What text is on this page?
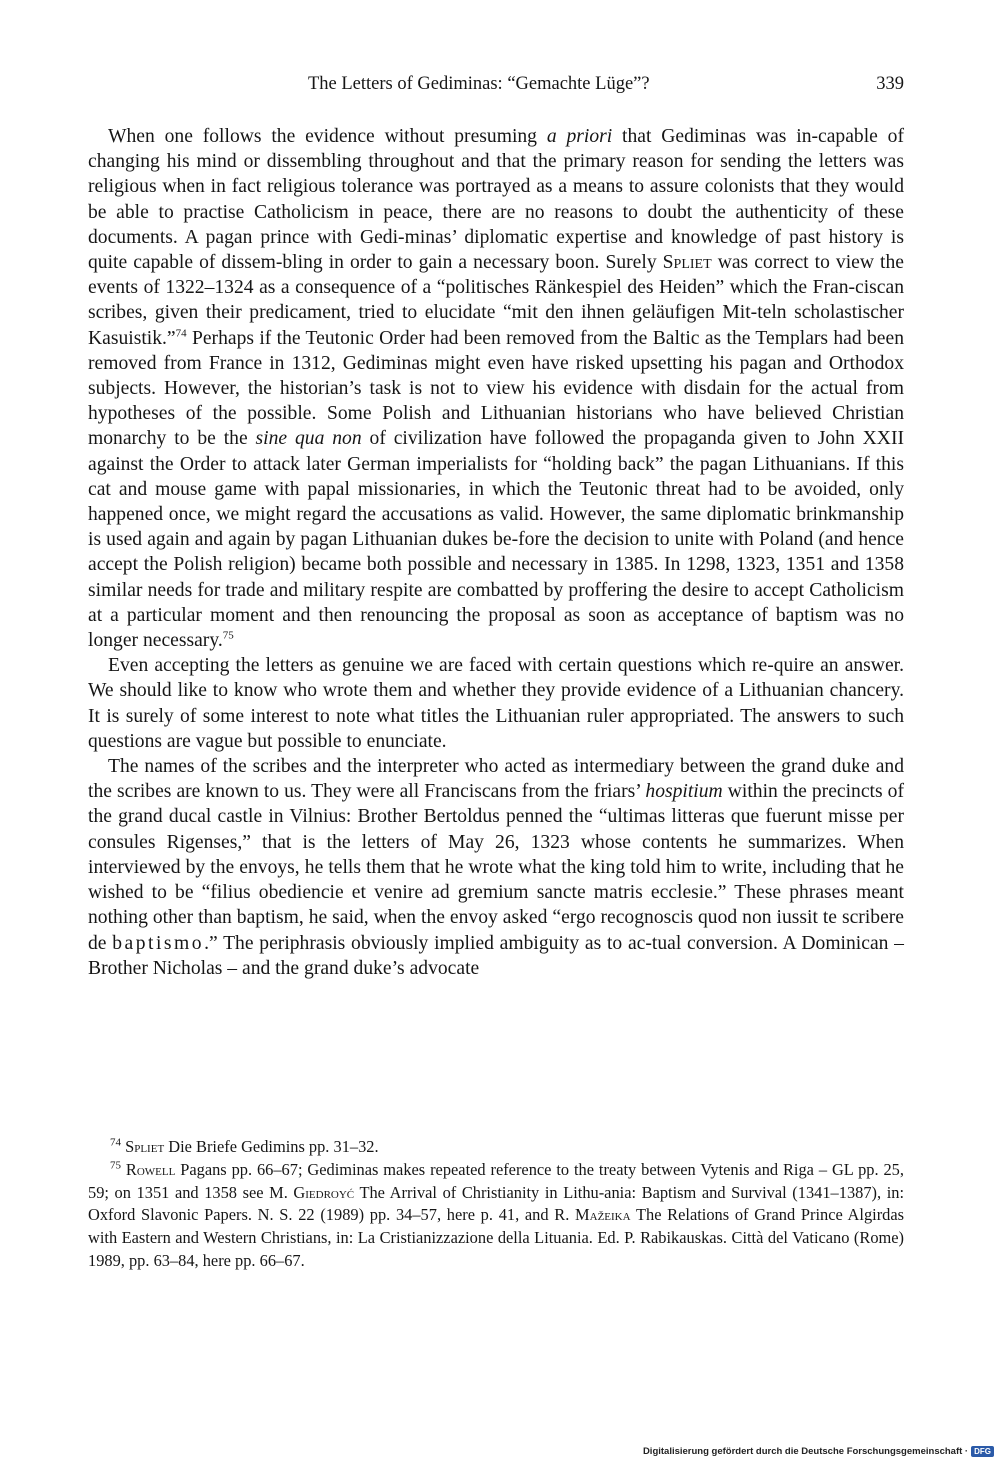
The Letters of Gediminas: “Gemachte Lüge”?	339

When one follows the evidence without presuming a priori that Gediminas was in-capable of changing his mind or dissembling throughout and that the primary reason for sending the letters was religious when in fact religious tolerance was portrayed as a means to assure colonists that they would be able to practise Catholicism in peace, there are no reasons to doubt the authenticity of these documents. A pagan prince with Gedi-minas’ diplomatic expertise and knowledge of past history is quite capable of dissem-bling in order to gain a necessary boon. Surely Spliet was correct to view the events of 1322–1324 as a consequence of a “politisches Ränkespiel des Heiden” which the Fran-ciscan scribes, given their predicament, tried to elucidate “mit den ihnen geläufigen Mit-teln scholastischer Kasuistik.”$^{74}$ Perhaps if the Teutonic Order had been removed from the Baltic as the Templars had been removed from France in 1312, Gediminas might even have risked upsetting his pagan and Orthodox subjects. However, the historian’s task is not to view his evidence with disdain for the actual from hypotheses of the possible. Some Polish and Lithuanian historians who have believed Christian monarchy to be the sine qua non of civilization have followed the propaganda given to John XXII against the Order to attack later German imperialists for “holding back” the pagan Lithuanians. If this cat and mouse game with papal missionaries, in which the Teutonic threat had to be avoided, only happened once, we might regard the accusations as valid. However, the same diplomatic brinkmanship is used again and again by pagan Lithuanian dukes be-fore the decision to unite with Poland (and hence accept the Polish religion) became both possible and necessary in 1385. In 1298, 1323, 1351 and 1358 similar needs for trade and military respite are combatted by proffering the desire to accept Catholicism at a particular moment and then renouncing the proposal as soon as acceptance of baptism was no longer necessary.$^{75}$

Even accepting the letters as genuine we are faced with certain questions which re-quire an answer. We should like to know who wrote them and whether they provide evidence of a Lithuanian chancery. It is surely of some interest to note what titles the Lithuanian ruler appropriated. The answers to such questions are vague but possible to enunciate.

The names of the scribes and the interpreter who acted as intermediary between the grand duke and the scribes are known to us. They were all Franciscans from the friars’ hospitium within the precincts of the grand ducal castle in Vilnius: Brother Bertoldus penned the “ultimas litteras que fuerunt misse per consules Rigenses,” that is the letters of May 26, 1323 whose contents he summarizes. When interviewed by the envoys, he tells them that he wrote what the king told him to write, including that he wished to be “filius obediencie et venire ad gremium sancte matris ecclesie.” These phrases meant nothing other than baptism, he said, when the envoy asked “ergo recognoscis quod non iussit te scribere de baptismo.” The periphrasis obviously implied ambiguity as to ac-tual conversion. A Dominican – Brother Nicholas – and the grand duke’s advocate

$^{74}$ Spliet Die Briefe Gedimins pp. 31–32.

$^{75}$ Rowell Pagans pp. 66–67; Gediminas makes repeated reference to the treaty between Vytenis and Riga – GL pp. 25, 59; on 1351 and 1358 see M. Giedroyć The Arrival of Christianity in Lithu-ania: Baptism and Survival (1341–1387), in: Oxford Slavonic Papers. N. S. 22 (1989) pp. 34–57, here p. 41, and R. Mažeika The Relations of Grand Prince Algirdas with Eastern and Western Christians, in: La Cristianizzazione della Lituania. Ed. P. Rabikauskas. Città del Vaticano (Rome) 1989, pp. 63–84, here pp. 66–67.

Digitalisierung gefördert durch die Deutsche Forschungsgemeinschaft · DFG
